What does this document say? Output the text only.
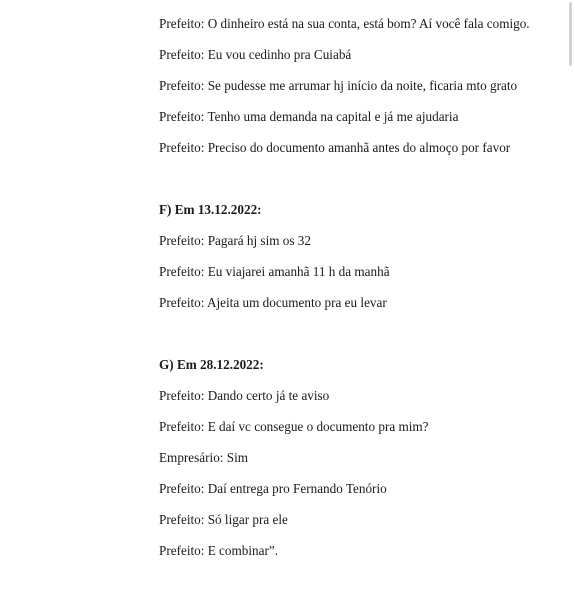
Prefeito: O dinheiro está na sua conta, está bom? Aí você fala comigo.
Prefeito: Eu vou cedinho pra Cuiabá
Prefeito: Se pudesse me arrumar hj início da noite, ficaria mto grato
Prefeito: Tenho uma demanda na capital e já me ajudaria
Prefeito: Preciso do documento amanhã antes do almoço por favor
F) Em 13.12.2022:
Prefeito: Pagará hj sim os 32
Prefeito: Eu viajarei amanhã 11 h da manhã
Prefeito: Ajeita um documento pra eu levar
G) Em 28.12.2022:
Prefeito: Dando certo já te aviso
Prefeito: E daí vc consegue o documento pra mim?
Empresário: Sim
Prefeito: Daí entrega pro Fernando Tenório
Prefeito: Só ligar pra ele
Prefeito: E combinar”.
